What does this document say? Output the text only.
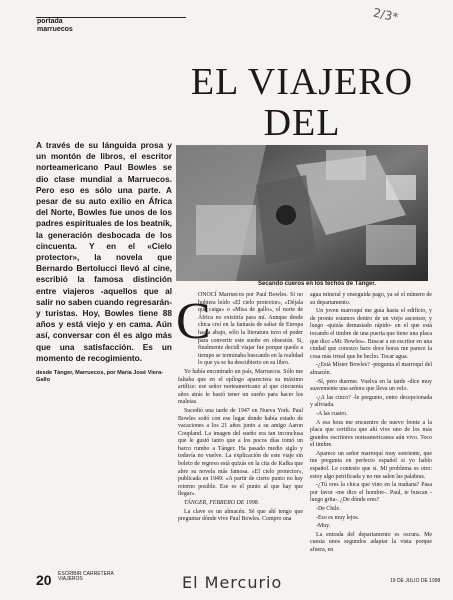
portada
marruecos
2/3*
EL VIAJERO
DEL
A través de su lánguida prosa y un montón de libros, el escritor norteamericano Paul Bowles se dio clase mundial a Marruecos. Pero eso es sólo una parte. A pesar de su auto exilio en África del Norte, Bowles fue unos de los padres espirituales de los beatnik, la generación desbocada de los cincuenta. Y en el «Cielo protector», la novela que Bernardo Bertolucci llevó al cine, escribió la famosa distinción entre viajeros -aquellos que al salir no saben cuando regresarán- y turistas. Hoy, Bowles tiene 88 años y está viejo y en cama. Aún así, conversar con él es algo más que una satisfacción. Es un momento de recogimiento.
desde Tánger, Marruecos, por María José Viera-Gallo
Secando cueros en los techos de Tánger.
C

ONOCÍ Marruecos por Paul Bowles. Si no hubiera leído «El cielo protector», «Déjala que caiga» o «Misa de gallo», el norte de África no existiría para mí. Aunque desde chica creí en la fantasía de saltar de Europa hacia abajo, sólo la literatura tuvo el poder para convertir este sueño en obsesión. Si, finalmente decidí viajar fue porque quedo a tiempo se terminaba buscando en la realidad lo que ya se ha descubierto en su libro.

Yo había encontrado un país, Marruecos. Sólo me faltaba que en el epílogo apareciera su máximo artífice: ese señor norteamericano al que cincuenta años atrás le bastó tener un sueño para hacer los maletas.

Sucedió una tarde de 1947 en Nueva York. Paul Bowles soñó con ese lugar donde había estado de vacaciones a los 21 años junto a su amigo Aaron Coupland. La imagen del sueño era tan inconclusa que le gustó tanto que a los pocos días tomó un barco rumbo a Tánger. Ha pasado medio siglo y todavía no vuelve. La explicación de este viaje sin boleto de regreso está quizás en la cita de Kafka que abre su novela más famosa. «El cielo protector», publicada en 1949: «A partir de cierto punto no hay retorno posible. Ese es el punto al que hay que llegar».

TÁNGER, FEBRERO DE 1998.

La clave es un almacén. Sé que ahí tengo que preguntar dónde vive Paul Bowles. Compro una

agua mineral y enseguida pago, ya sé el número de su departamento.

Un joven marroquí me guía hasta el edificio, y de pronto estamos dentro de un viejo ascensor, y luego -quizás demasiado rápido- en el que está tocando el timbre de una puerta que tiene una placa que dice «Mr. Bowles». Buscar a un escritor en una ciudad que conozco hace doce horas me parece la cosa más irreal que he hecho. Tocar agua.

-¿Está Míster Bowles? -pregunta el marroquí del almacén.

-Sí, pero duerme. Vuelva en la tarde -dice muy suavemente una señora que lleva un velo.

-¿A las cinco? -le pregunto, entre decepcionada y aliviada.

-A las cuatro.

A esa hora me encuentro de nuevo frente a la placa que certifica que ahí vive uno de los más grandes escritores norteamericanos aún vivo. Toco el timbre.

Aparece un señor marroquí muy sonriente, que me pregunta en perfecto español si yo hablo español. Le contesto que sí. Mi problema es otro: estoy algo petrificada y no me salen las palabras.

-¿Tú eres la chica que vino en la mañana? Pasa por favor -me dice el hombre-. Paul, te buscan -luego grita-. ¿De dónde eres?

-De Chile.

-Eso es muy lejos.

-Muy.

La entrada del departamento es oscura. Me cuesta unos segundos adaptar la vista porque afuera, en

20 ESCRIBIR CARRETERA
VIAJEROS	El Mercurio	19 DE JULIO DE 1998
